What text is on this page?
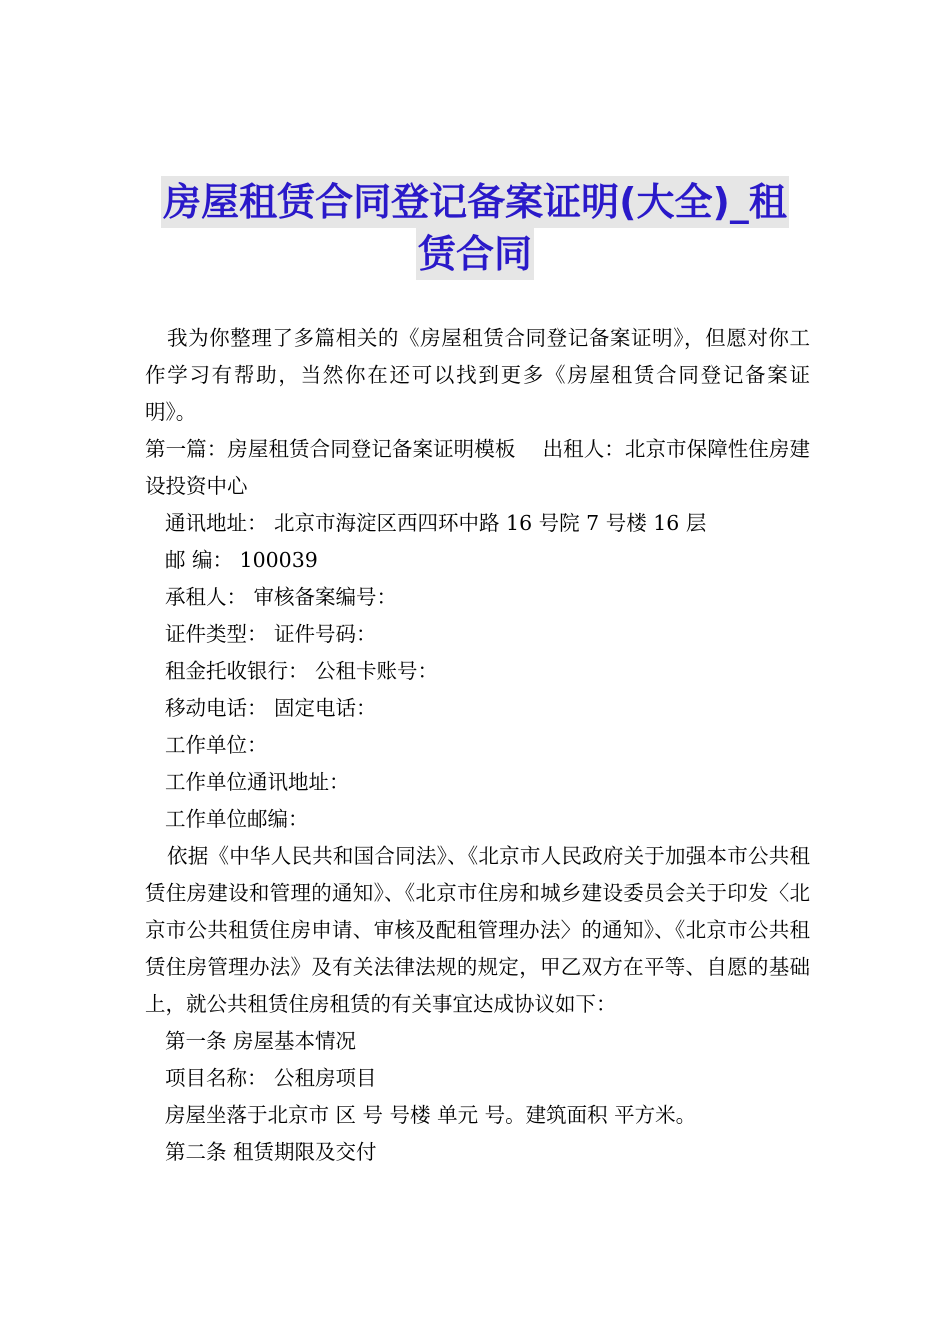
房屋租赁合同登记备案证明(大全)_租
赁合同

我为你整理了多篇相关的《房屋租赁合同登记备案证明》，但愿对你工作学习有帮助，当然你在还可以找到更多《房屋租赁合同登记备案证明》。

第一篇：房屋租赁合同登记备案证明模板　 出租人：北京市保障性住房建设投资中心

通讯地址： 北京市海淀区西四环中路 16 号院 7 号楼 16 层

邮 编： 100039

承租人： 审核备案编号：

证件类型： 证件号码：

租金托收银行： 公租卡账号：

移动电话： 固定电话：

工作单位：

工作单位通讯地址：

工作单位邮编：

依据《中华人民共和国合同法》、《北京市人民政府关于加强本市公共租赁住房建设和管理的通知》、《北京市住房和城乡建设委员会关于印发〈北京市公共租赁住房申请、审核及配租管理办法〉的通知》、《北京市公共租赁住房管理办法》及有关法律法规的规定，甲乙双方在平等、自愿的基础上，就公共租赁住房租赁的有关事宜达成协议如下：

第一条 房屋基本情况

项目名称： 公租房项目

房屋坐落于北京市 区 号 号楼 单元 号。建筑面积 平方米。

第二条 租赁期限及交付
